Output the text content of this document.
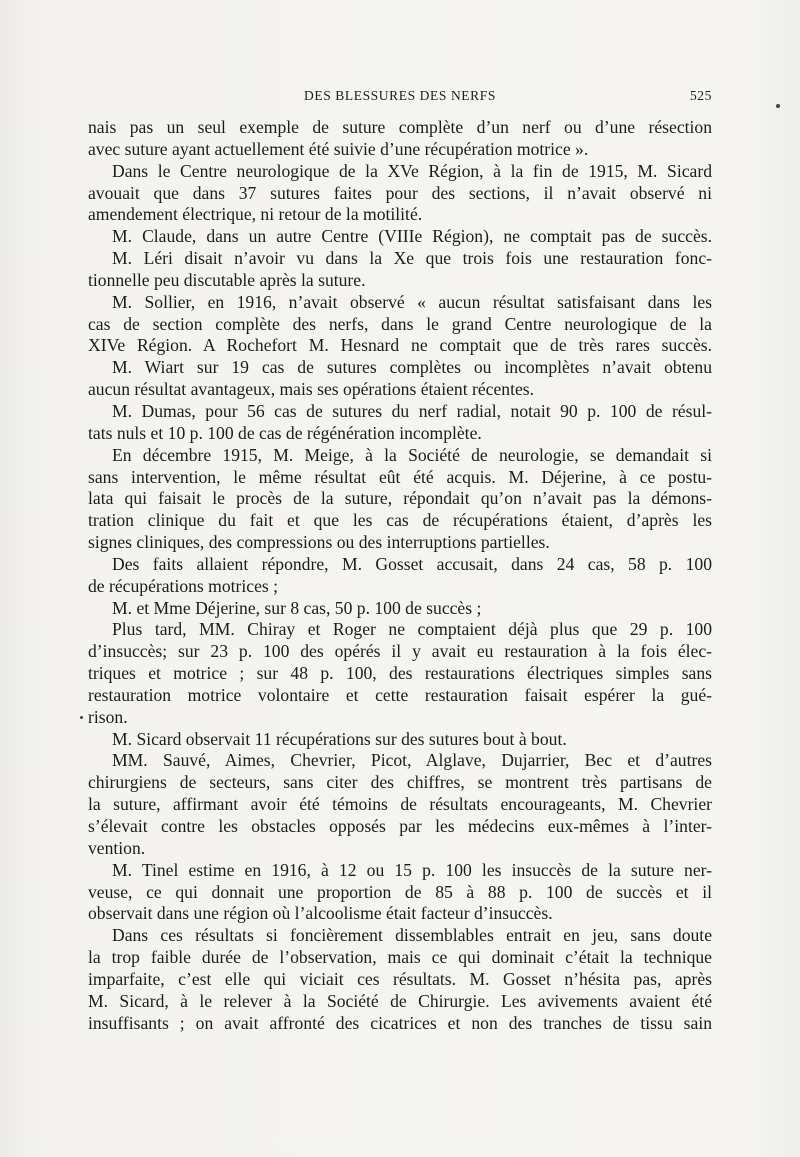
DES BLESSURES DES NERFS	525
nais pas un seul exemple de suture complète d’un nerf ou d’une résection
avec suture ayant actuellement été suivie d’une récupération motrice ».
Dans le Centre neurologique de la XVe Région, à la fin de 1915, M. Sicard
avouait que dans 37 sutures faites pour des sections, il n’avait observé ni
amendement électrique, ni retour de la motilité.
M. Claude, dans un autre Centre (VIIIe Région), ne comptait pas de succès.
M. Léri disait n’avoir vu dans la Xe que trois fois une restauration fonc-
tionnelle peu discutable après la suture.
M. Sollier, en 1916, n’avait observé « aucun résultat satisfaisant dans les
cas de section complète des nerfs, dans le grand Centre neurologique de la
XIVe Région. A Rochefort M. Hesnard ne comptait que de très rares succès.
M. Wiart sur 19 cas de sutures complètes ou incomplètes n’avait obtenu
aucun résultat avantageux, mais ses opérations étaient récentes.
M. Dumas, pour 56 cas de sutures du nerf radial, notait 90 p. 100 de résul-
tats nuls et 10 p. 100 de cas de régénération incomplète.
En décembre 1915, M. Meige, à la Société de neurologie, se demandait si
sans intervention, le même résultat eût été acquis. M. Déjerine, à ce postu-
lata qui faisait le procès de la suture, répondait qu’on n’avait pas la démons-
tration clinique du fait et que les cas de récupérations étaient, d’après les
signes cliniques, des compressions ou des interruptions partielles.
Des faits allaient répondre, M. Gosset accusait, dans 24 cas, 58 p. 100
de récupérations motrices ;
M. et Mme Déjerine, sur 8 cas, 50 p. 100 de succès ;
Plus tard, MM. Chiray et Roger ne comptaient déjà plus que 29 p. 100
d’insuccès; sur 23 p. 100 des opérés il y avait eu restauration à la fois élec-
triques et motrice ; sur 48 p. 100, des restaurations électriques simples sans
restauration motrice volontaire et cette restauration faisait espérer la gué-
rison.
M. Sicard observait 11 récupérations sur des sutures bout à bout.
MM. Sauvé, Aimes, Chevrier, Picot, Alglave, Dujarrier, Bec et d’autres
chirurgiens de secteurs, sans citer des chiffres, se montrent très partisans de
la suture, affirmant avoir été témoins de résultats encourageants, M. Chevrier
s’élevait contre les obstacles opposés par les médecins eux-mêmes à l’inter-
vention.
M. Tinel estime en 1916, à 12 ou 15 p. 100 les insuccès de la suture ner-
veuse, ce qui donnait une proportion de 85 à 88 p. 100 de succès et il
observait dans une région où l’alcoolisme était facteur d’insuccès.
Dans ces résultats si foncièrement dissemblables entrait en jeu, sans doute
la trop faible durée de l’observation, mais ce qui dominait c’était la technique
imparfaite, c’est elle qui viciait ces résultats. M. Gosset n’hésita pas, après
M. Sicard, à le relever à la Société de Chirurgie. Les avivements avaient été
insuffisants ; on avait affronté des cicatrices et non des tranches de tissu sain
